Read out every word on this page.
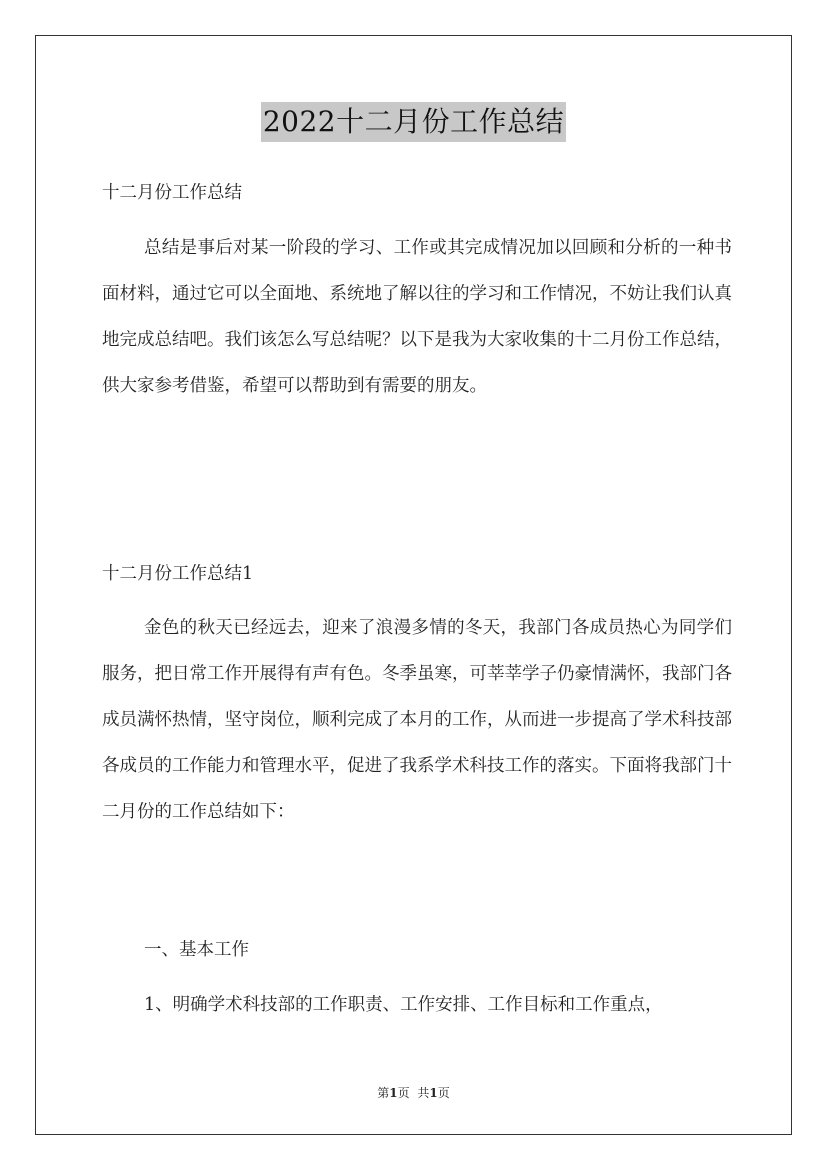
2022十二月份工作总结
十二月份工作总结

总结是事后对某一阶段的学习、工作或其完成情况加以回顾和分析的一种书面材料，通过它可以全面地、系统地了解以往的学习和工作情况，不妨让我们认真地完成总结吧。我们该怎么写总结呢？以下是我为大家收集的十二月份工作总结，供大家参考借鉴，希望可以帮助到有需要的朋友。

十二月份工作总结1

金色的秋天已经远去，迎来了浪漫多情的冬天，我部门各成员热心为同学们服务，把日常工作开展得有声有色。冬季虽寒，可莘莘学子仍豪情满怀，我部门各成员满怀热情，坚守岗位，顺利完成了本月的工作，从而进一步提高了学术科技部各成员的工作能力和管理水平，促进了我系学术科技工作的落实。下面将我部门十二月份的工作总结如下：

一、基本工作
1、明确学术科技部的工作职责、工作安排、工作目标和工作重点，
第1页 共1页
